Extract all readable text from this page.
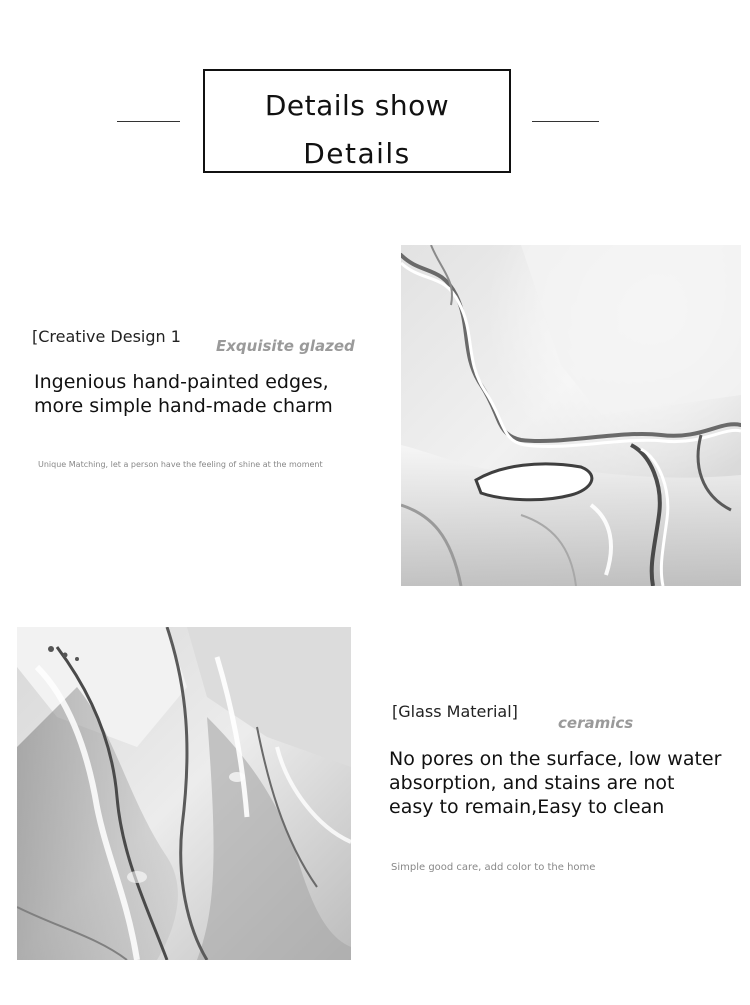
Details show
Details
[Creative Design 1 Exquisite glazed
Ingenious hand-painted edges,
more simple hand-made charm
Unique Matching, let a person have the feeling of shine at the moment
[Glass Material]
ceramics
No pores on the surface, low water
absorption, and stains are not
easy to remain,Easy to clean
Simple good care, add color to the home
